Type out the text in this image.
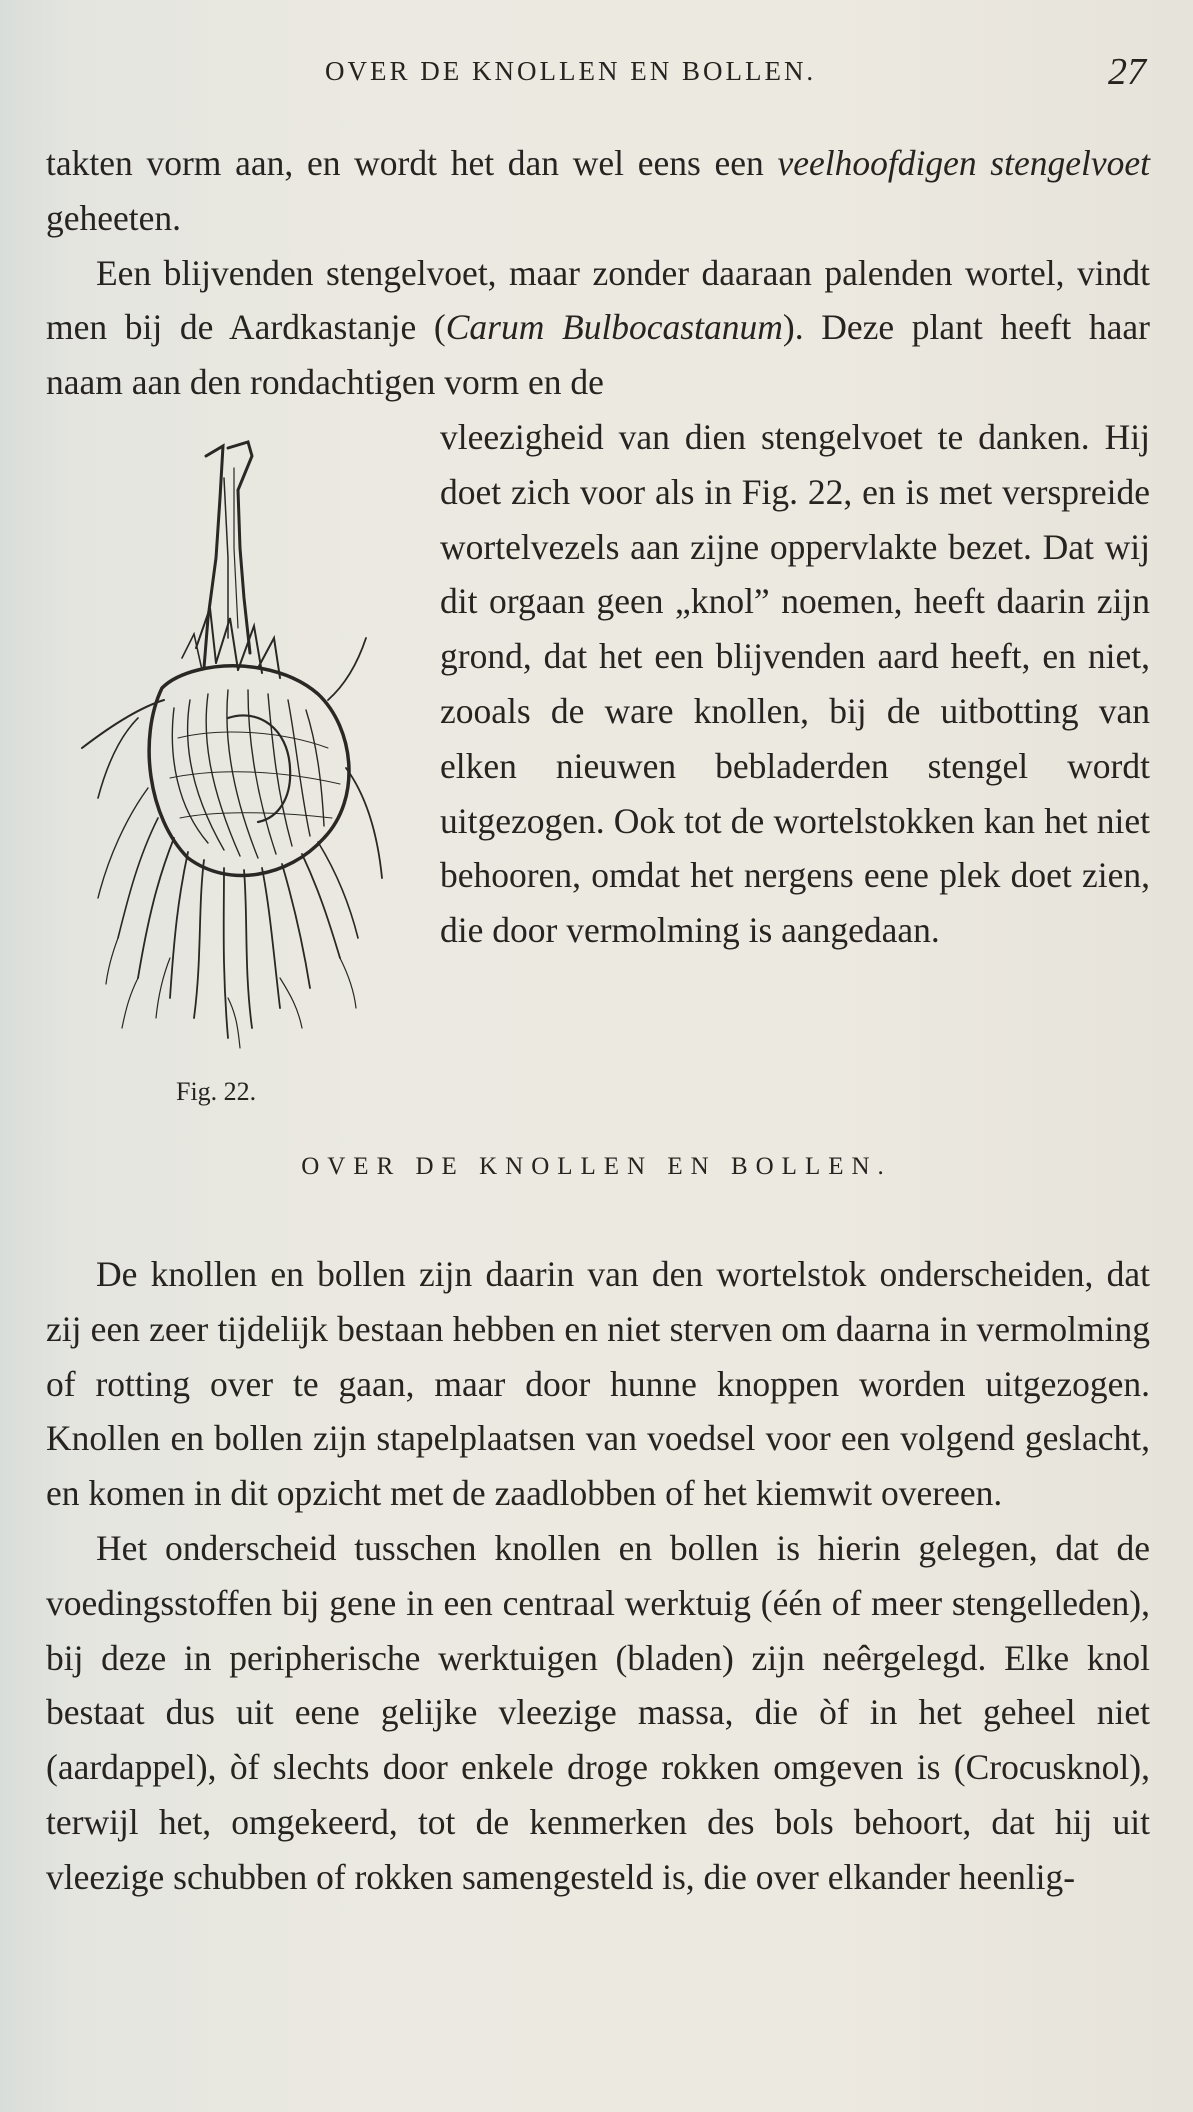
OVER DE KNOLLEN EN BOLLEN.	27

takten vorm aan, en wordt het dan wel eens een veelhoofdigen stengelvoet geheeten.

Een blijvenden stengelvoet, maar zonder daaraan palenden wortel, vindt men bij de Aardkastanje (Carum Bulbocastanum). Deze plant heeft haar naam aan den rondachtigen vorm en de

Fig. 22.

vleezigheid van dien stengelvoet te danken. Hij doet zich voor als in Fig. 22, en is met verspreide wortelvezels aan zijne oppervlakte bezet. Dat wij dit orgaan geen „knol” noemen, heeft daarin zijn grond, dat het een blijvenden aard heeft, en niet, zooals de ware knollen, bij de uitbotting van elken nieuwen bebladerden stengel wordt uitgezogen. Ook tot de wortelstokken kan het niet behooren, omdat het nergens eene plek doet zien, die door vermolming is aangedaan.

OVER DE KNOLLEN EN BOLLEN.

De knollen en bollen zijn daarin van den wortelstok onderscheiden, dat zij een zeer tijdelijk bestaan hebben en niet sterven om daarna in vermolming of rotting over te gaan, maar door hunne knoppen worden uitgezogen. Knollen en bollen zijn stapelplaatsen van voedsel voor een volgend geslacht, en komen in dit opzicht met de zaadlobben of het kiemwit overeen.

Het onderscheid tusschen knollen en bollen is hierin gelegen, dat de voedingsstoffen bij gene in een centraal werktuig (één of meer stengelleden), bij deze in peripherische werktuigen (bladen) zijn neêrgelegd. Elke knol bestaat dus uit eene gelijke vleezige massa, die òf in het geheel niet (aardappel), òf slechts door enkele droge rokken omgeven is (Crocusknol), terwijl het, omgekeerd, tot de kenmerken des bols behoort, dat hij uit vleezige schubben of rokken samengesteld is, die over elkander heenlig-
